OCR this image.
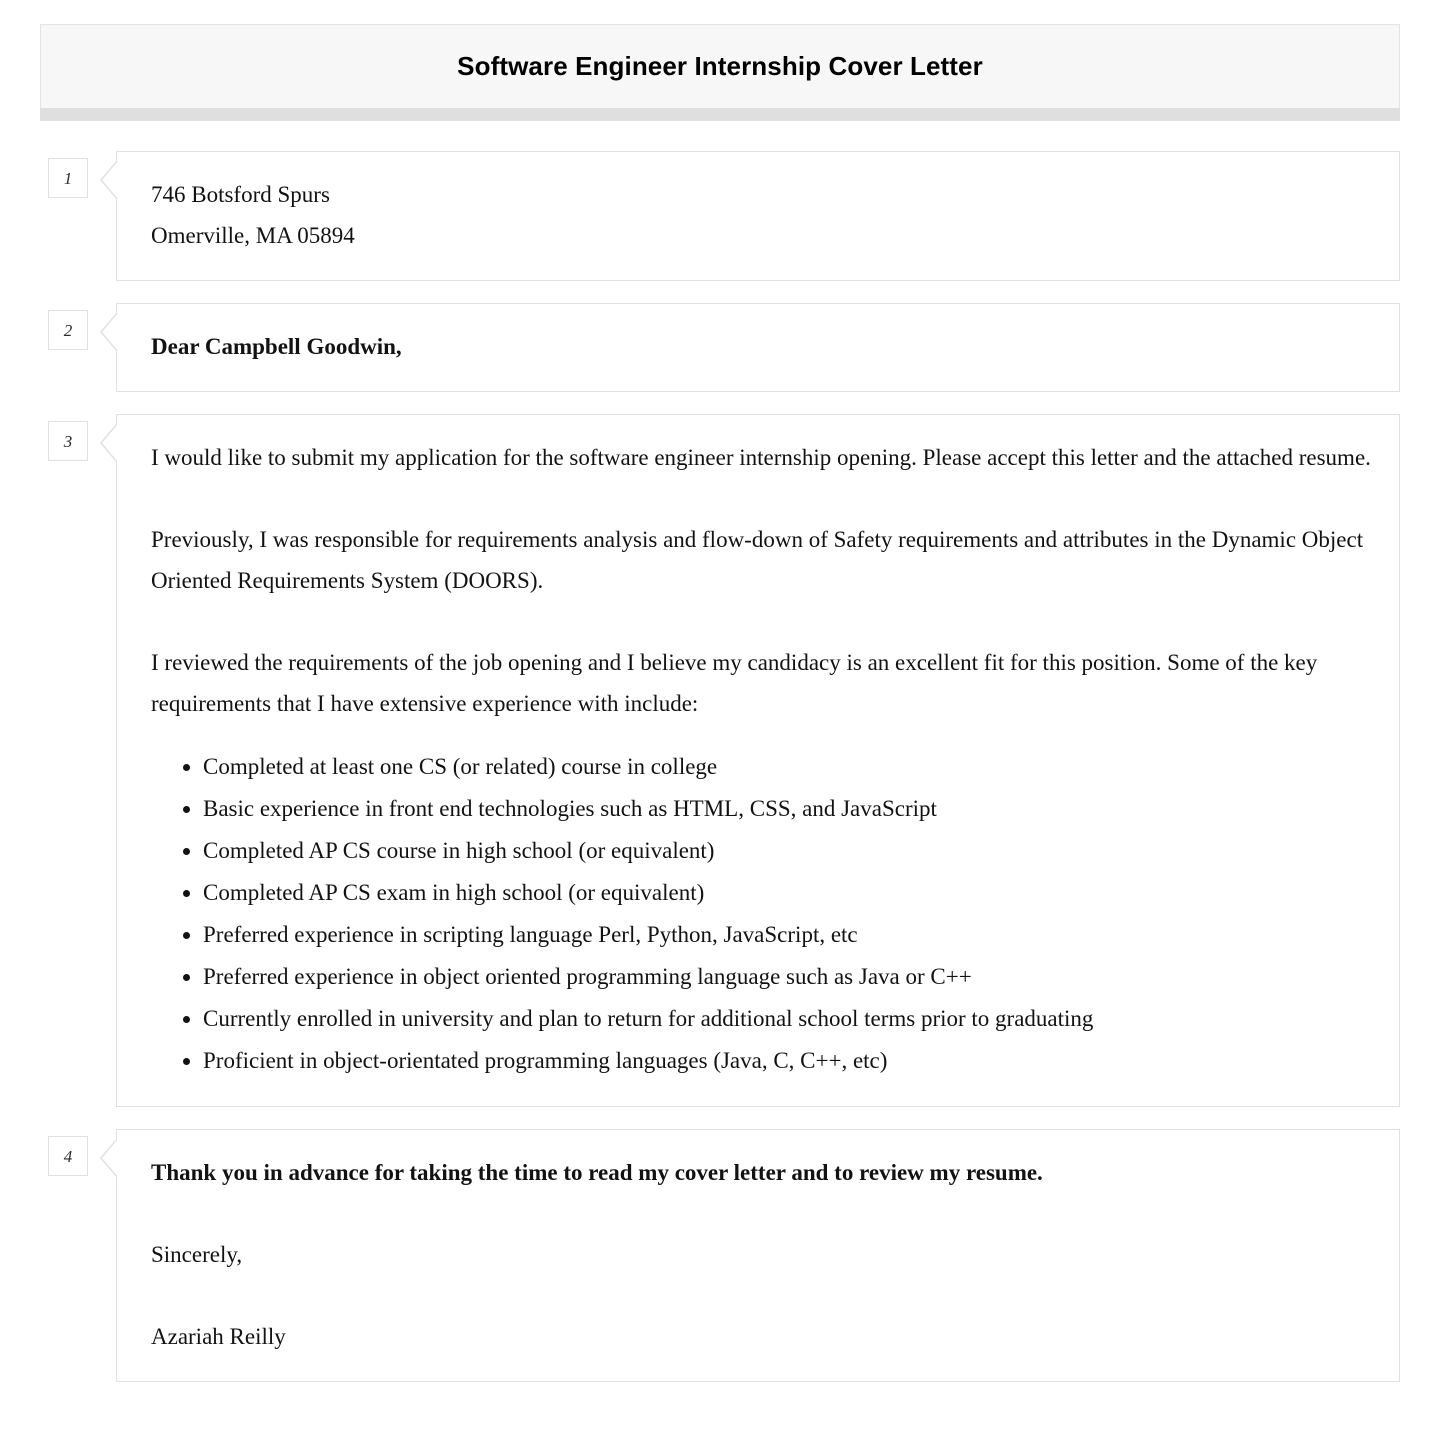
Software Engineer Internship Cover Letter
1
746 Botsford Spurs
Omerville, MA 05894
2
Dear Campbell Goodwin,
3

I would like to submit my application for the software engineer internship opening. Please accept this letter and the attached resume.

Previously, I was responsible for requirements analysis and flow-down of Safety requirements and attributes in the Dynamic Object Oriented Requirements System (DOORS).

I reviewed the requirements of the job opening and I believe my candidacy is an excellent fit for this position. Some of the key requirements that I have extensive experience with include:

• Completed at least one CS (or related) course in college
• Basic experience in front end technologies such as HTML, CSS, and JavaScript
• Completed AP CS course in high school (or equivalent)
• Completed AP CS exam in high school (or equivalent)
• Preferred experience in scripting language Perl, Python, JavaScript, etc
• Preferred experience in object oriented programming language such as Java or C++
• Currently enrolled in university and plan to return for additional school terms prior to graduating
• Proficient in object-orientated programming languages (Java, C, C++, etc)
4
Thank you in advance for taking the time to read my cover letter and to review my resume.
Sincerely,
Azariah Reilly
